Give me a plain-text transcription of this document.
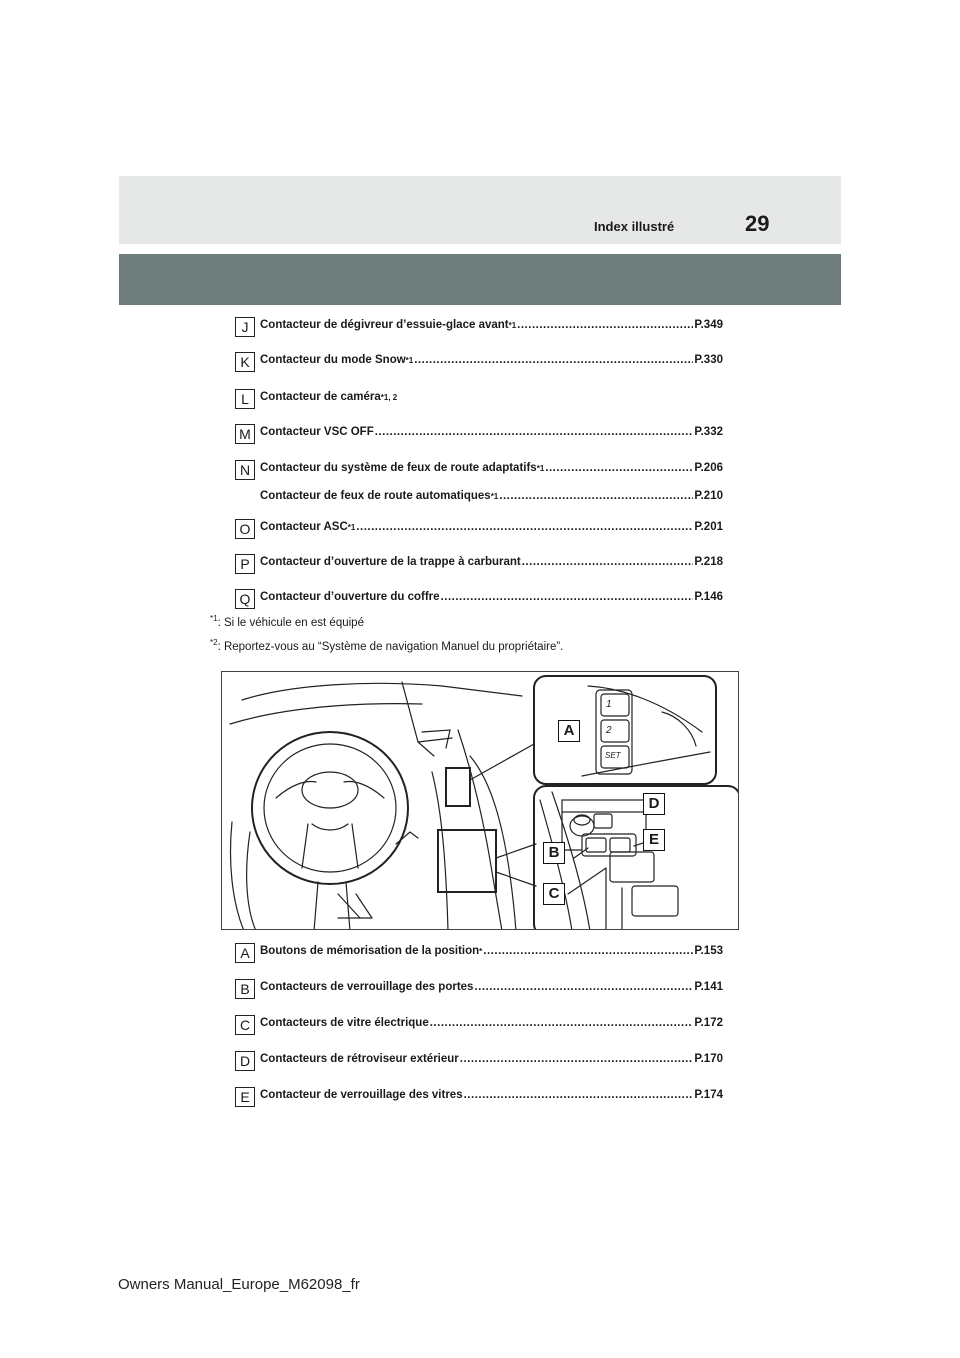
Index illustré	29
J	Contacteur de dégivreur d’essuie-glace avant *1 .....	P.349
K Contacteur du mode Snow *1 .....	P.330
L Contacteur de caméra *1, 2
M Contacteur VSC OFF .....	P.332
N Contacteur du système de feux de route adaptatifs *1 .....	P.206
Contacteur de feux de route automatiques *1 .....	P.210
O Contacteur ASC *1 .....	P.201
P Contacteur d’ouverture de la trappe à carburant .....	P.218
Q Contacteur d’ouverture du coffre .....	P.146
$^{*1}$: Si le véhicule en est équipé
$^{*2}$: Reportez-vous au “Système de navigation Manuel du propriétaire”.
A
D
E
B
C
1
2
SET
A Boutons de mémorisation de la position * .....	P.153
B Contacteurs de verrouillage des portes .....	P.141
C Contacteurs de vitre électrique .....	P.172
D Contacteurs de rétroviseur extérieur .....	P.170
E Contacteur de verrouillage des vitres .....	P.174
Owners Manual_Europe_M62098_fr
